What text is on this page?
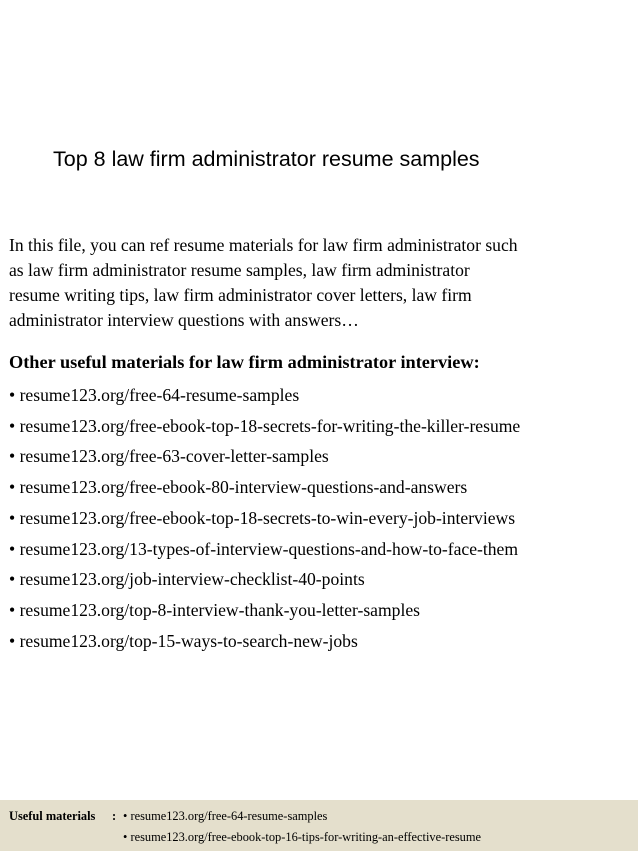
Top 8 law firm administrator resume samples
In this file, you can ref resume materials for law firm administrator such
as law firm administrator resume samples, law firm administrator
resume writing tips, law firm administrator cover letters, law firm
administrator interview questions with answers…
Other useful materials for law firm administrator interview:
• resume123.org/free-64-resume-samples
• resume123.org/free-ebook-top-18-secrets-for-writing-the-killer-resume
• resume123.org/free-63-cover-letter-samples
• resume123.org/free-ebook-80-interview-questions-and-answers
• resume123.org/free-ebook-top-18-secrets-to-win-every-job-interviews
• resume123.org/13-types-of-interview-questions-and-how-to-face-them
• resume123.org/job-interview-checklist-40-points
• resume123.org/top-8-interview-thank-you-letter-samples
• resume123.org/top-15-ways-to-search-new-jobs
Useful materials :
•	resume123.org/free-64-resume-samples
• resume123.org/free-ebook-top-16-tips-for-writing-an-effective-resume
